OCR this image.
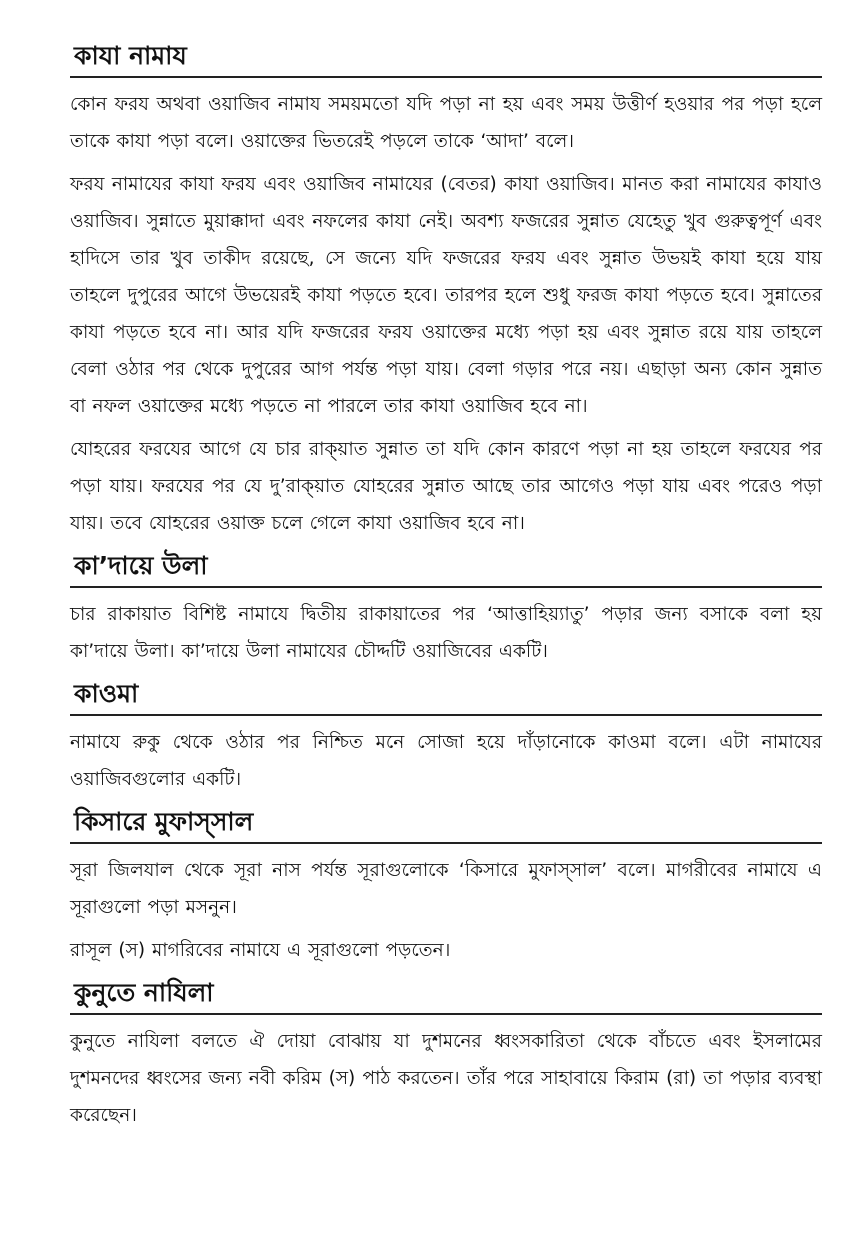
কাযা নামায

কোন ফরয অথবা ওয়াজিব নামায সময়মতো যদি পড়া না হয় এবং সময় উত্তীর্ণ হওয়ার পর পড়া হলে তাকে কাযা পড়া বলে। ওয়াক্তের ভিতরেই পড়লে তাকে ‘আদা’ বলে।

ফরয নামাযের কাযা ফরয এবং ওয়াজিব নামাযের (বেতর) কাযা ওয়াজিব। মানত করা নামাযের কাযাও ওয়াজিব। সুন্নাতে মুয়াক্কাদা এবং নফলের কাযা নেই। অবশ্য ফজরের সুন্নাত যেহেতু খুব গুরুত্বপূর্ণ এবং হাদিসে তার খুব তাকীদ রয়েছে, সে জন্যে যদি ফজরের ফরয এবং সুন্নাত উভয়ই কাযা হয়ে যায় তাহলে দুপুরের আগে উভয়েরই কাযা পড়তে হবে। তারপর হলে শুধু ফরজ কাযা পড়তে হবে। সুন্নাতের কাযা পড়তে হবে না। আর যদি ফজরের ফরয ওয়াক্তের মধ্যে পড়া হয় এবং সুন্নাত রয়ে যায় তাহলে বেলা ওঠার পর থেকে দুপুরের আগ পর্যন্ত পড়া যায়। বেলা গড়ার পরে নয়। এছাড়া অন্য কোন সুন্নাত বা নফল ওয়াক্তের মধ্যে পড়তে না পারলে তার কাযা ওয়াজিব হবে না।

যোহরের ফরযের আগে যে চার রাক্‌য়াত সুন্নাত তা যদি কোন কারণে পড়া না হয় তাহলে ফরযের পর পড়া যায়। ফরযের পর যে দু’রাক্‌য়াত যোহরের সুন্নাত আছে তার আগেও পড়া যায় এবং পরেও পড়া যায়। তবে যোহরের ওয়াক্ত চলে গেলে কাযা ওয়াজিব হবে না।

কা’দায়ে উলা

চার রাকায়াত বিশিষ্ট নামাযে দ্বিতীয় রাকায়াতের পর ‘আত্তাহিয়্যাতু’ পড়ার জন্য বসাকে বলা হয় কা’দায়ে উলা। কা’দায়ে উলা নামাযের চৌদ্দটি ওয়াজিবের একটি।

কাওমা

নামাযে রুকু থেকে ওঠার পর নিশ্চিত মনে সোজা হয়ে দাঁড়ানোকে কাওমা বলে। এটা নামাযের ওয়াজিবগুলোর একটি।

কিসারে মুফাস্‌সাল

সূরা জিলযাল থেকে সূরা নাস পর্যন্ত সূরাগুলোকে ‘কিসারে মুফাস্‌সাল’ বলে। মাগরীবের নামাযে এ সূরাগুলো পড়া মসনুন।

রাসূল (স) মাগরিবের নামাযে এ সূরাগুলো পড়তেন।

কুনুতে নাযিলা

কুনুতে নাযিলা বলতে ঐ দোয়া বোঝায় যা দুশমনের ধ্বংসকারিতা থেকে বাঁচতে এবং ইসলামের দুশমনদের ধ্বংসের জন্য নবী করিম (স) পাঠ করতেন। তাঁর পরে সাহাবায়ে কিরাম (রা) তা পড়ার ব্যবস্থা করেছেন।
